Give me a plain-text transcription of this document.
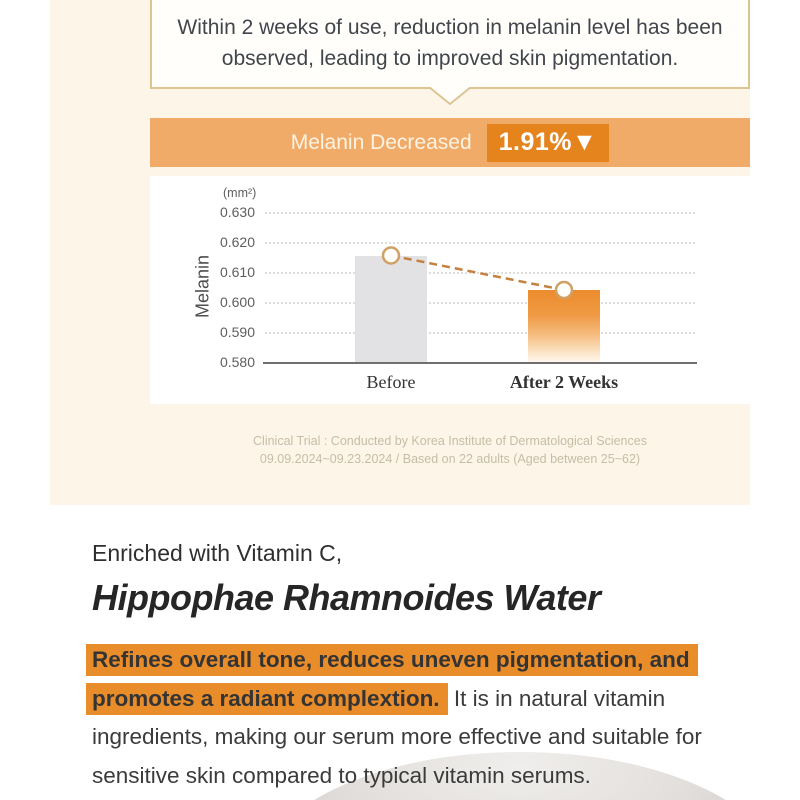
Within 2 weeks of use, reduction in melanin level has been
observed, leading to improved skin pigmentation.
Melanin Decreased	1.91%▼
(mm²)
Melanin
0.580
0.590
0.600
0.610
0.620
0.630
Before	After 2 Weeks
Clinical Trial : Conducted by Korea Institute of Dermatological Sciences
09.09.2024~09.23.2024 / Based on 22 adults (Aged between 25~62)
Enriched with Vitamin C,
Hippophae Rhamnoides Water
Refines overall tone, reduces uneven pigmentation, and promotes a radiant complextion. It is in natural vitamin ingredients, making our serum more effective and suitable for sensitive skin compared to typical vitamin serums.
